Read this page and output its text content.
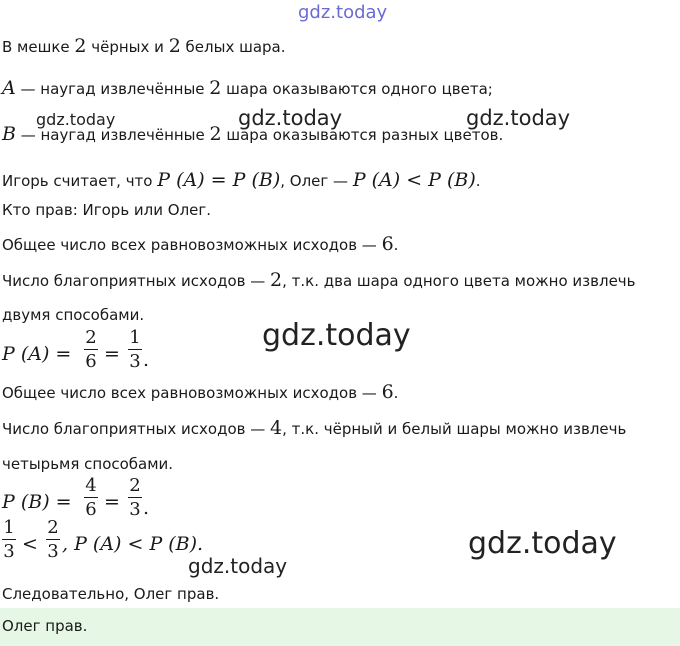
gdz.today
gdz.today	gdz.today	gdz.today
gdz.today
gdz.today
gdz.today
В мешке 2 чёрных и 2 белых шара.
A — наугад извлечённые 2 шара оказываются одного цвета;
B — наугад извлечённые 2 шара оказываются разных цветов.
Игорь считает, что P (A) = P (B), Олег — P (A) < P (B).
Кто прав: Игорь или Олег.
Общее число всех равновозможных исходов — 6.
Число благоприятных исходов — 2, т.к. два шара одного цвета можно извлечь
двумя способами.
P (A) =
2
6 =
1
3 .
Общее число всех равновозможных исходов — 6.
Число благоприятных исходов — 4, т.к. чёрный и белый шары можно извлечь
четырьмя способами.
P (B) =
4
6 =
2
3 .
1
3 <
2
3 , P (A) < P (B).
Следовательно, Олег прав.
Олег прав.
